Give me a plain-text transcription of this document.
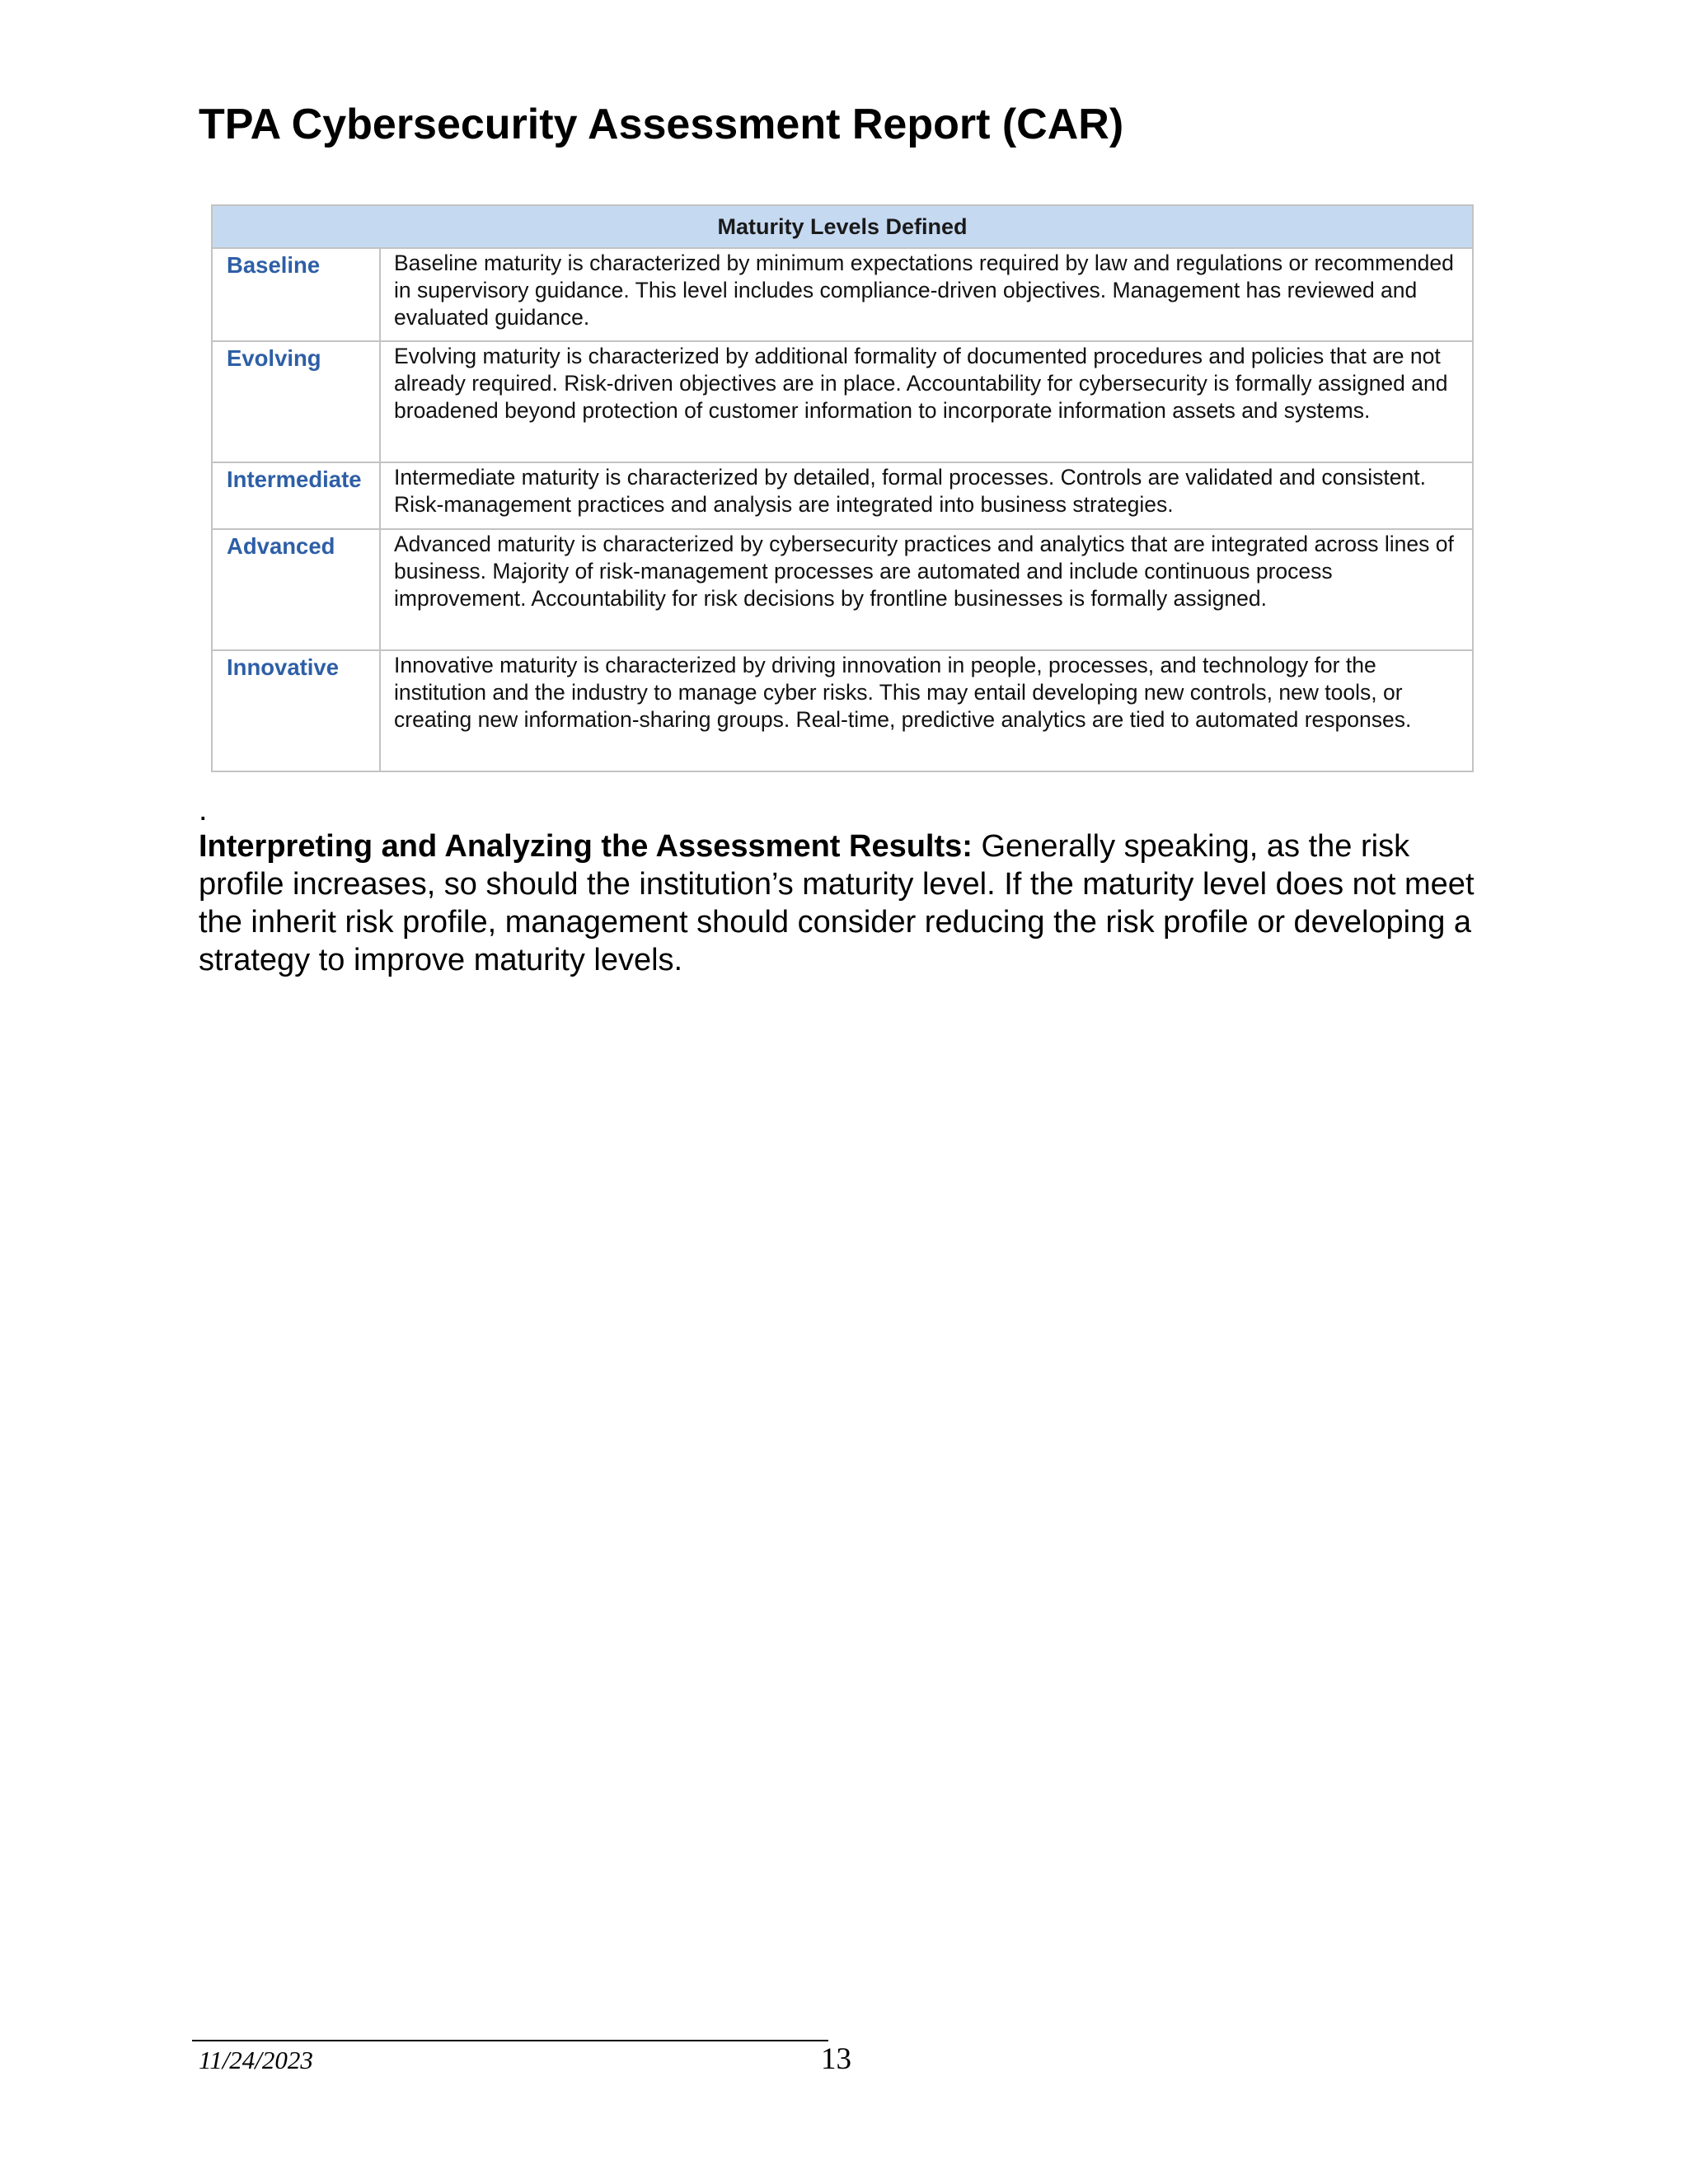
TPA Cybersecurity Assessment Report (CAR)
Maturity Levels Defined	
Baseline	Baseline maturity is characterized by minimum expectations required by law and regulations or recommended in supervisory guidance. This level includes compliance-driven objectives. Management has reviewed and evaluated guidance.
Evolving	Evolving maturity is characterized by additional formality of documented procedures and policies that are not already required. Risk-driven objectives are in place. Accountability for cybersecurity is formally assigned and broadened beyond protection of customer information to incorporate information assets and systems.
Intermediate	Intermediate maturity is characterized by detailed, formal processes. Controls are validated and consistent. Risk-management practices and analysis are integrated into business strategies.
Advanced	Advanced maturity is characterized by cybersecurity practices and analytics that are integrated across lines of business. Majority of risk-management processes are automated and include continuous process improvement. Accountability for risk decisions by frontline businesses is formally assigned.
Innovative	Innovative maturity is characterized by driving innovation in people, processes, and technology for the institution and the industry to manage cyber risks. This may entail developing new controls, new tools, or creating new information-sharing groups. Real-time, predictive analytics are tied to automated responses.
.

Interpreting and Analyzing the Assessment Results: Generally speaking, as the risk profile increases, so should the institution’s maturity level. If the maturity level does not meet the inherit risk profile, management should consider reducing the risk profile or developing a strategy to improve maturity levels.

11/24/2023	13
